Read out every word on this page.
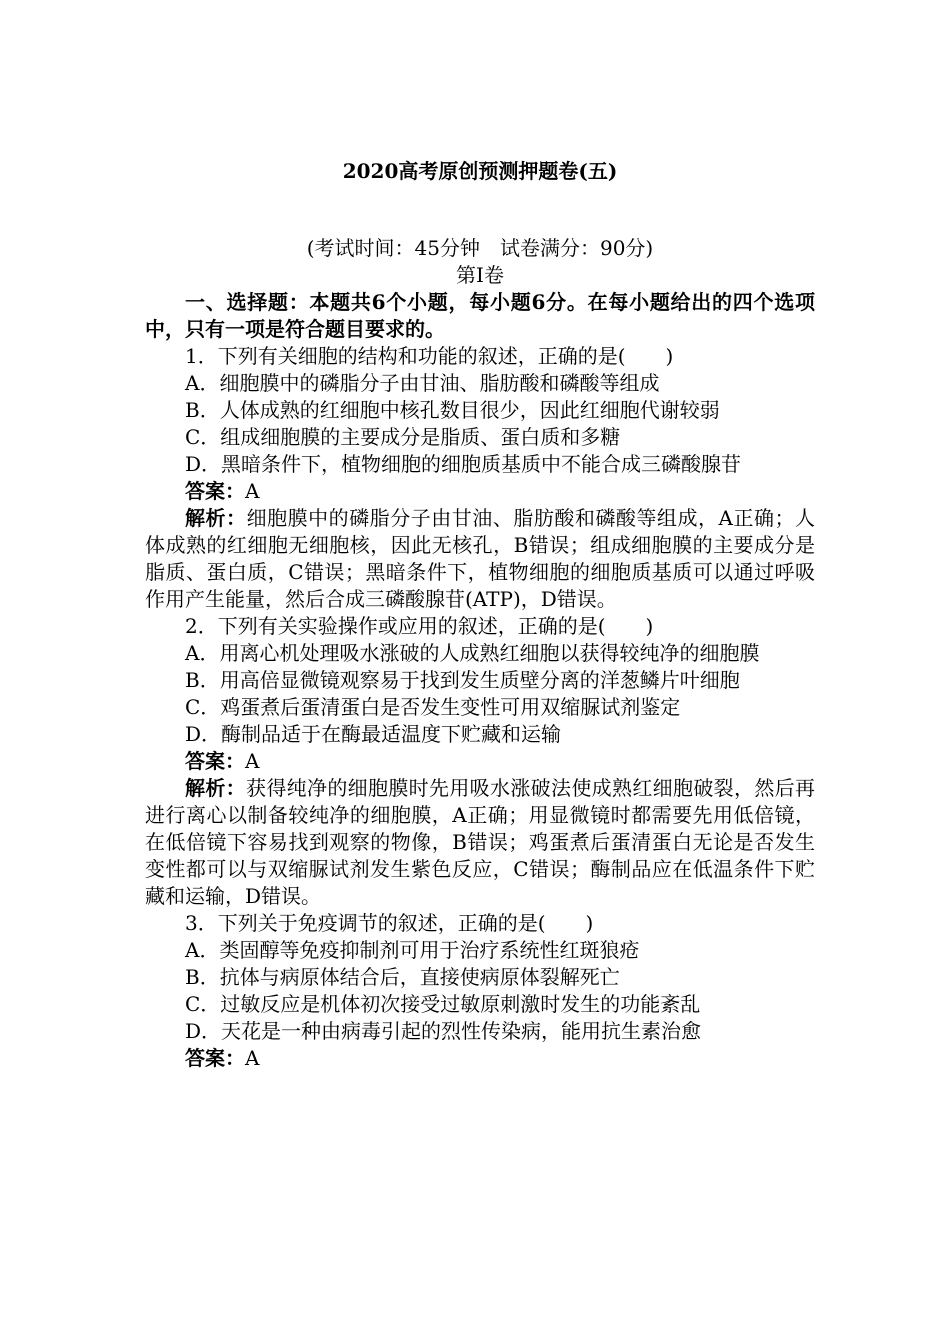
2020高考原创预测押题卷(五)
(考试时间：45分钟　试卷满分：90分)
第Ⅰ卷

一、选择题：本题共6个小题，每小题6分。在每小题给出的四个选项中，只有一项是符合题目要求的。

1．下列有关细胞的结构和功能的叙述，正确的是(　　)

A．细胞膜中的磷脂分子由甘油、脂肪酸和磷酸等组成

B．人体成熟的红细胞中核孔数目很少，因此红细胞代谢较弱

C．组成细胞膜的主要成分是脂质、蛋白质和多糖

D．黑暗条件下，植物细胞的细胞质基质中不能合成三磷酸腺苷

答案：A

解析：细胞膜中的磷脂分子由甘油、脂肪酸和磷酸等组成，A正确；人体成熟的红细胞无细胞核，因此无核孔，B错误；组成细胞膜的主要成分是脂质、蛋白质，C错误；黑暗条件下，植物细胞的细胞质基质可以通过呼吸作用产生能量，然后合成三磷酸腺苷(ATP)，D错误。

2．下列有关实验操作或应用的叙述，正确的是(　　)

A．用离心机处理吸水涨破的人成熟红细胞以获得较纯净的细胞膜

B．用高倍显微镜观察易于找到发生质壁分离的洋葱鳞片叶细胞

C．鸡蛋煮后蛋清蛋白是否发生变性可用双缩脲试剂鉴定

D．酶制品适于在酶最适温度下贮藏和运输

答案：A

解析：获得纯净的细胞膜时先用吸水涨破法使成熟红细胞破裂，然后再进行离心以制备较纯净的细胞膜，A正确；用显微镜时都需要先用低倍镜，在低倍镜下容易找到观察的物像，B错误；鸡蛋煮后蛋清蛋白无论是否发生变性都可以与双缩脲试剂发生紫色反应，C错误；酶制品应在低温条件下贮藏和运输，D错误。

3．下列关于免疫调节的叙述，正确的是(　　)

A．类固醇等免疫抑制剂可用于治疗系统性红斑狼疮

B．抗体与病原体结合后，直接使病原体裂解死亡

C．过敏反应是机体初次接受过敏原刺激时发生的功能紊乱

D．天花是一种由病毒引起的烈性传染病，能用抗生素治愈

答案：A
